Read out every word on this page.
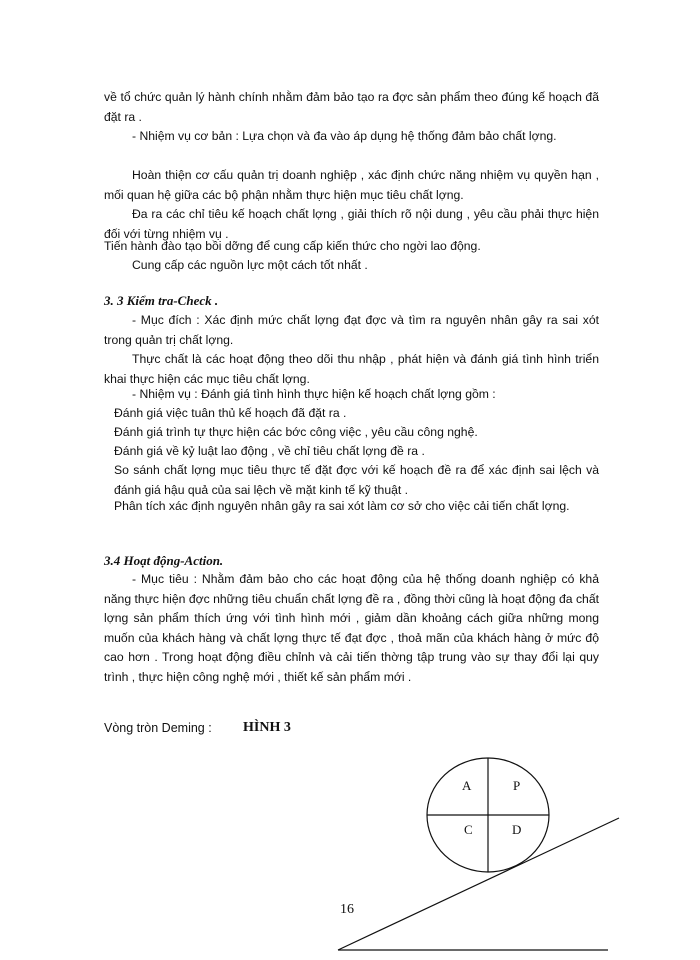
về tổ chức quản lý hành chính nhằm đảm bảo tạo ra đợc sản phẩm theo đúng kế hoạch đã đặt ra .

- Nhiệm vụ cơ bản : Lựa chọn và đa vào áp dụng hệ thống đảm bảo chất lợng.

Hoàn thiện cơ cấu quản trị doanh nghiệp , xác định chức năng nhiệm vụ quyền hạn , mối quan hệ giữa các bộ phận nhằm thực hiện mục tiêu chất lợng.

Đa ra các chỉ tiêu kế hoạch chất lợng , giải thích rõ nội dung , yêu cầu phải thực hiện đối với từng nhiệm vụ .

Tiến hành đào tạo bồi dỡng để cung cấp kiến thức cho ngời lao động.

Cung cấp các nguồn lực một cách tốt nhất .

3. 3 Kiểm tra-Check .

- Mục đích : Xác định mức chất lợng đạt đợc và tìm ra nguyên nhân gây ra sai xót trong quản trị chất lợng.

Thực chất là các hoạt động theo dõi thu nhập , phát hiện và đánh giá tình hình triển khai thực hiện các mục tiêu chất lợng.

- Nhiệm vụ : Đánh giá tình hình thực hiện kế hoạch chất lợng gồm :

Đánh giá việc tuân thủ kế hoạch đã đặt ra .

Đánh giá trình tự thực hiện các bớc công việc , yêu cầu công nghệ.

Đánh giá về kỷ luật lao động , về chỉ tiêu chất lợng đề ra .

So sánh chất lợng mục tiêu thực tế đặt đợc với kế hoạch đề ra để xác định sai lệch và đánh giá hậu quả của sai lệch về mặt kinh tế kỹ thuật .

Phân tích xác định nguyên nhân gây ra sai xót làm cơ sở cho việc cải tiến chất lợng.

3.4 Hoạt động-Action.

- Mục tiêu : Nhằm đảm bảo cho các hoạt động của hệ thống doanh nghiệp có khả năng thực hiện đợc những tiêu chuẩn chất lợng đề ra , đồng thời cũng là hoạt động đa chất lợng sản phẩm thích ứng với tình hình mới , giảm dần khoảng cách giữa những mong muốn của khách hàng và chất lợng thực tế đạt đợc , thoả mãn của khách hàng ở mức độ cao hơn . Trong hoạt động điều chỉnh và cải tiến thờng tập trung vào sự thay đổi lại quy trình , thực hiện công nghệ mới , thiết kế sản phẩm mới .

Vòng tròn Deming : HÌNH 3
A	P
C	D
16
